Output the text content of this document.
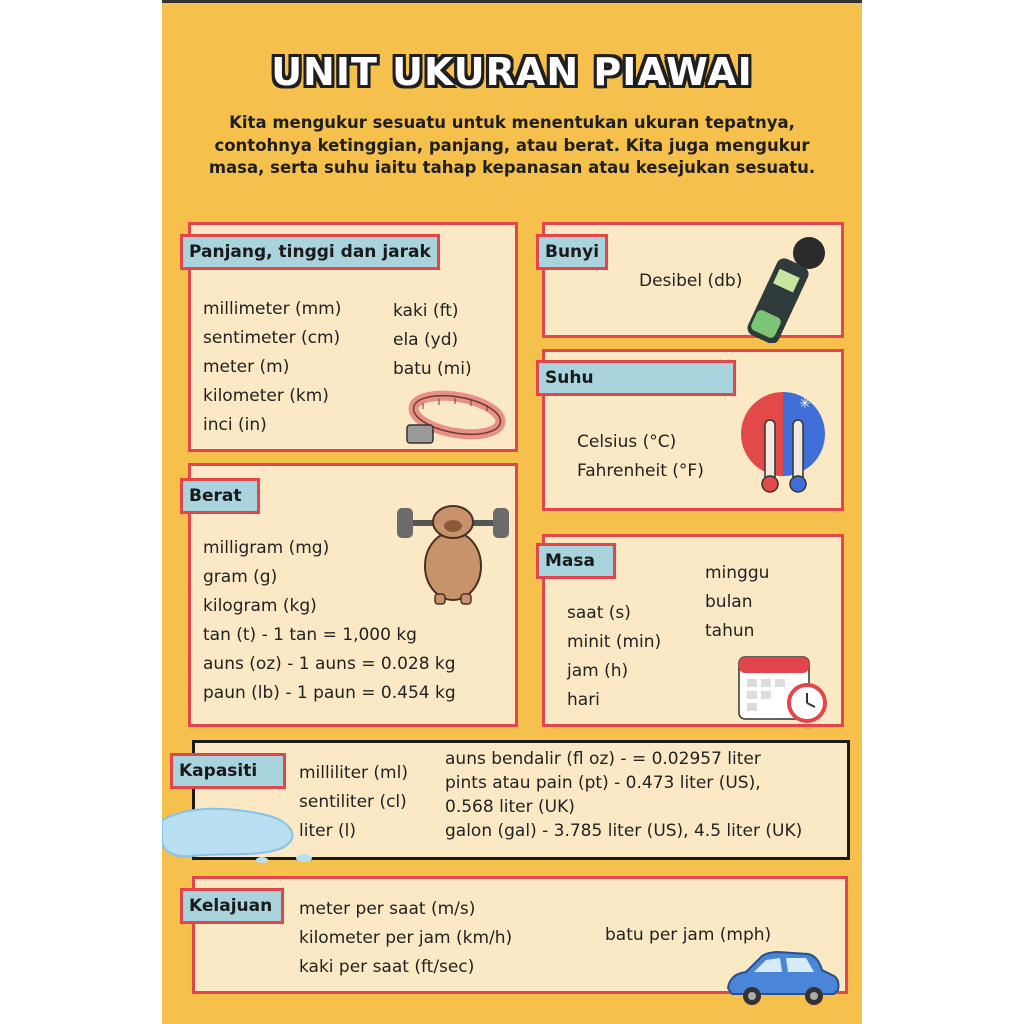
UNIT UKURAN PIAWAI
Kita mengukur sesuatu untuk menentukan ukuran tepatnya, contohnya ketinggian, panjang, atau berat. Kita juga mengukur masa, serta suhu iaitu tahap kepanasan atau kesejukan sesuatu.
millimeter (mm)
sentimeter (cm)
meter (m)
kilometer (km)
inci (in)
kaki (ft)
ela (yd)
batu (mi)
Panjang, tinggi dan jarak
Desibel (db)
Bunyi
Celsius (°C)
Fahrenheit (°F)
✳
Suhu
milligram (mg)
gram (g)
kilogram (kg)
tan (t) - 1 tan = 1,000 kg
auns (oz) - 1 auns = 0.028 kg
paun (lb) - 1 paun = 0.454 kg
Berat
saat (s)
minit (min)
jam (h)
hari
minggu
bulan
tahun
Masa
milliliter (ml)
sentiliter (cl)
liter (l)
auns bendalir (fl oz) - = 0.02957 liter
pints atau pain (pt) - 0.473 liter (US),
0.568 liter (UK)
galon (gal) - 3.785 liter (US), 4.5 liter (UK)
Kapasiti
meter per saat (m/s)
kilometer per jam (km/h)
kaki per saat (ft/sec)
batu per jam (mph)
Kelajuan
